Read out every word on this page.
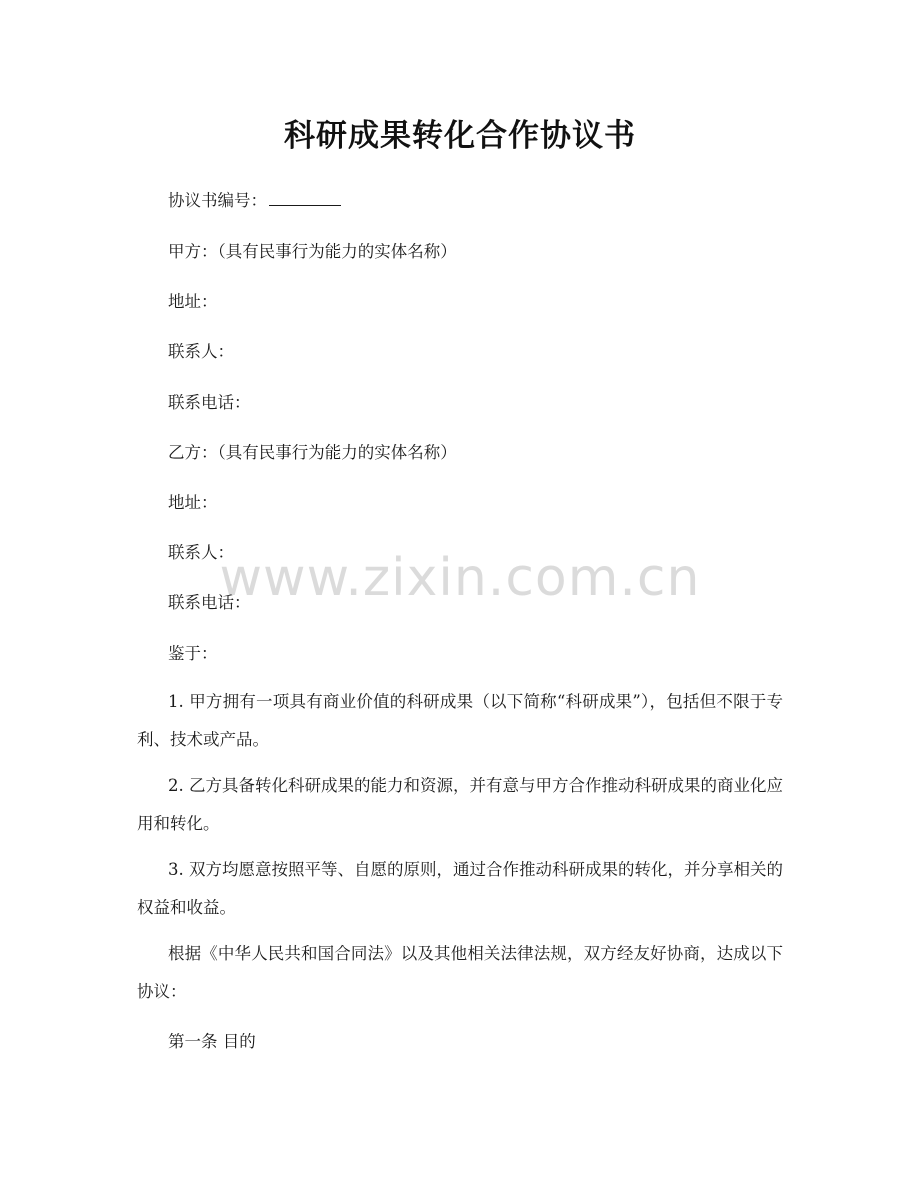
科研成果转化合作协议书
协议书编号：
甲方：（具有民事行为能力的实体名称）
地址：
联系人：
联系电话：
乙方：（具有民事行为能力的实体名称）
地址：
联系人：
联系电话：
鉴于：
1. 甲方拥有一项具有商业价值的科研成果（以下简称“科研成果”），包括但不限于专利、技术或产品。
2. 乙方具备转化科研成果的能力和资源，并有意与甲方合作推动科研成果的商业化应用和转化。
3. 双方均愿意按照平等、自愿的原则，通过合作推动科研成果的转化，并分享相关的权益和收益。
根据《中华人民共和国合同法》以及其他相关法律法规，双方经友好协商，达成以下协议：
第一条 目的
www.zixin.com.cn
